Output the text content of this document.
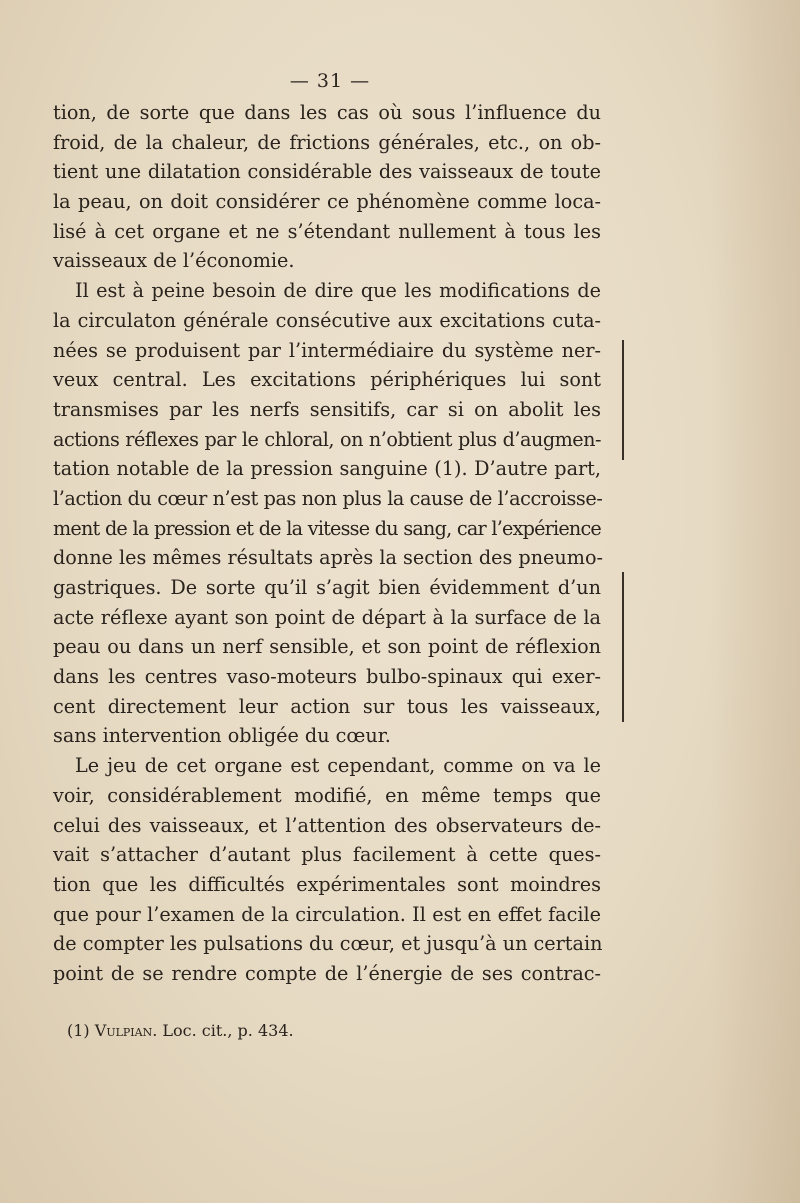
— 31 —
tion, de sorte que dans les cas où sous l’influence du
froid, de la chaleur, de frictions générales, etc., on ob-
tient une dilatation considérable des vaisseaux de toute
la peau, on doit considérer ce phénomène comme loca-
lisé à cet organe et ne s’étendant nullement à tous les
vaisseaux de l’économie.
Il est à peine besoin de dire que les modifications de
la circulaton générale consécutive aux excitations cuta-
nées se produisent par l’intermédiaire du système ner-
veux central. Les excitations périphériques lui sont
transmises par les nerfs sensitifs, car si on abolit les
actions réflexes par le chloral, on n’obtient plus d’augmen-
tation notable de la pression sanguine (1). D’autre part,
l’action du cœur n’est pas non plus la cause de l’accroisse-
ment de la pression et de la vitesse du sang, car l’expérience
donne les mêmes résultats après la section des pneumo-
gastriques. De sorte qu’il s’agit bien évidemment d’un
acte réflexe ayant son point de départ à la surface de la
peau ou dans un nerf sensible, et son point de réflexion
dans les centres vaso-moteurs bulbo-spinaux qui exer-
cent directement leur action sur tous les vaisseaux,
sans intervention obligée du cœur.
Le jeu de cet organe est cependant, comme on va le
voir, considérablement modifié, en même temps que
celui des vaisseaux, et l’attention des observateurs de-
vait s’attacher d’autant plus facilement à cette ques-
tion que les difficultés expérimentales sont moindres
que pour l’examen de la circulation. Il est en effet facile
de compter les pulsations du cœur, et jusqu’à un certain
point de se rendre compte de l’énergie de ses contrac-
(1) Vulpian. Loc. cit., p. 434.
